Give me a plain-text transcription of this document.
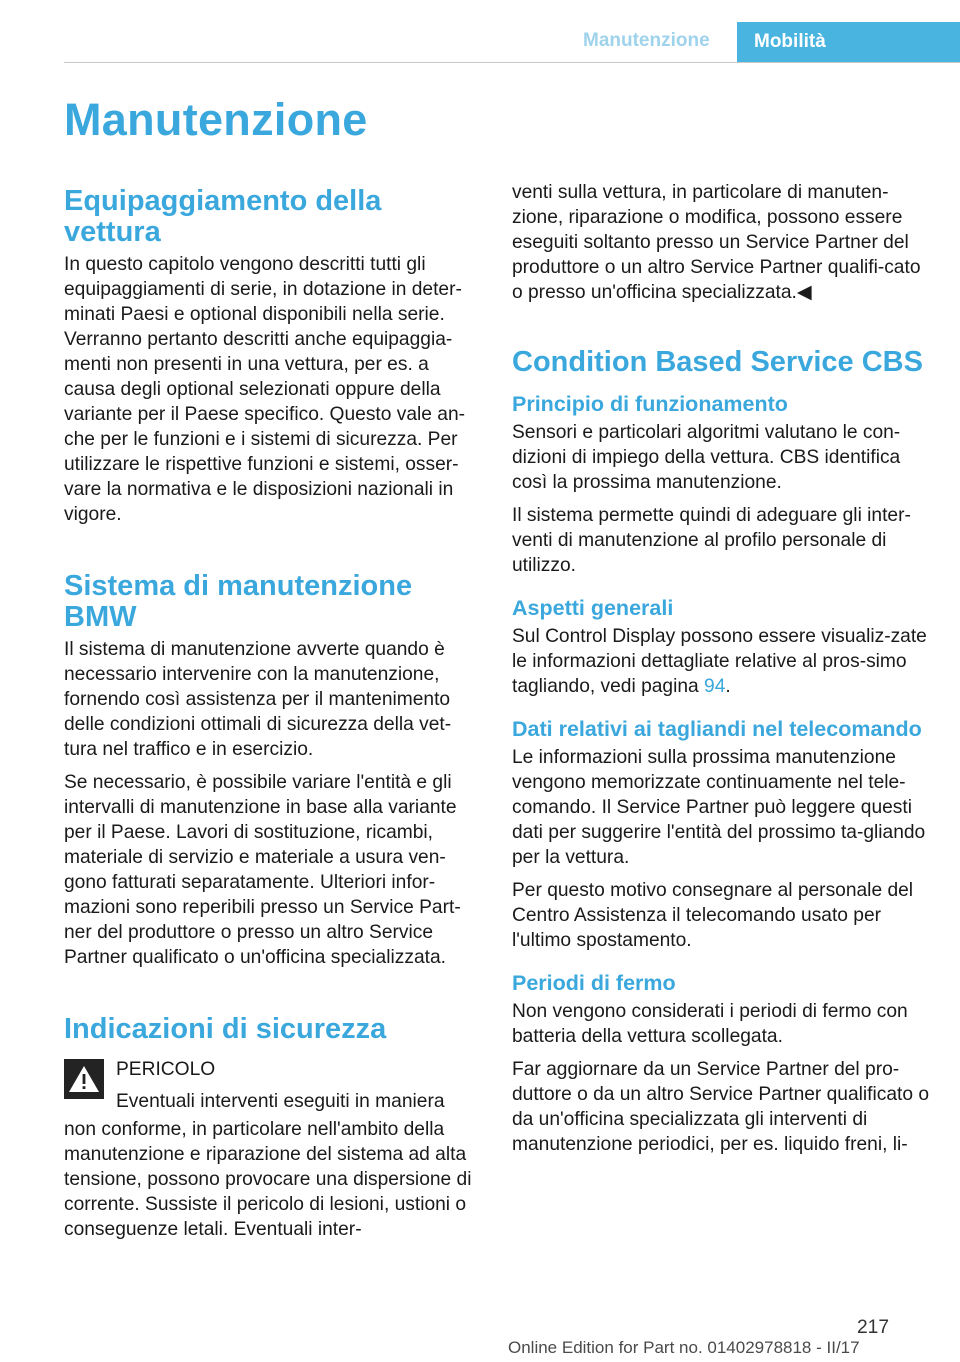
Manutenzione Mobilità
Manutenzione
Equipaggiamento della vettura

In questo capitolo vengono descritti tutti gli equipaggiamenti di serie, in dotazione in deter-minati Paesi e optional disponibili nella serie. Verranno pertanto descritti anche equipaggia-menti non presenti in una vettura, per es. a causa degli optional selezionati oppure della variante per il Paese specifico. Questo vale an-che per le funzioni e i sistemi di sicurezza. Per utilizzare le rispettive funzioni e sistemi, osser-vare la normativa e le disposizioni nazionali in vigore.

Sistema di manutenzione BMW

Il sistema di manutenzione avverte quando è necessario intervenire con la manutenzione, fornendo così assistenza per il mantenimento delle condizioni ottimali di sicurezza della vet-tura nel traffico e in esercizio.

Se necessario, è possibile variare l'entità e gli intervalli di manutenzione in base alla variante per il Paese. Lavori di sostituzione, ricambi, materiale di servizio e materiale a usura ven-gono fatturati separatamente. Ulteriori infor-mazioni sono reperibili presso un Service Part-ner del produttore o presso un altro Service Partner qualificato o un'officina specializzata.

Indicazioni di sicurezza
PERICOLO
Eventuali interventi eseguiti in maniera

non conforme, in particolare nell'ambito della manutenzione e riparazione del sistema ad alta tensione, possono provocare una dispersione di corrente. Sussiste il pericolo di lesioni, ustioni o conseguenze letali. Eventuali inter-

venti sulla vettura, in particolare di manuten-zione, riparazione o modifica, possono essere eseguiti soltanto presso un Service Partner del produttore o un altro Service Partner qualifi-cato o presso un'officina specializzata.◀

Condition Based Service CBS
Principio di funzionamento

Sensori e particolari algoritmi valutano le con-dizioni di impiego della vettura. CBS identifica così la prossima manutenzione.

Il sistema permette quindi di adeguare gli inter-venti di manutenzione al profilo personale di utilizzo.

Aspetti generali

Sul Control Display possono essere visualiz-zate le informazioni dettagliate relative al pros-simo tagliando, vedi pagina 94.

Dati relativi ai tagliandi nel telecomando

Le informazioni sulla prossima manutenzione vengono memorizzate continuamente nel tele-comando. Il Service Partner può leggere questi dati per suggerire l'entità del prossimo ta-gliando per la vettura.

Per questo motivo consegnare al personale del Centro Assistenza il telecomando usato per l'ultimo spostamento.

Periodi di fermo

Non vengono considerati i periodi di fermo con batteria della vettura scollegata.

Far aggiornare da un Service Partner del pro-duttore o da un altro Service Partner qualificato o da un'officina specializzata gli interventi di manutenzione periodici, per es. liquido freni, li-

217
Online Edition for Part no. 01402978818 - II/17
